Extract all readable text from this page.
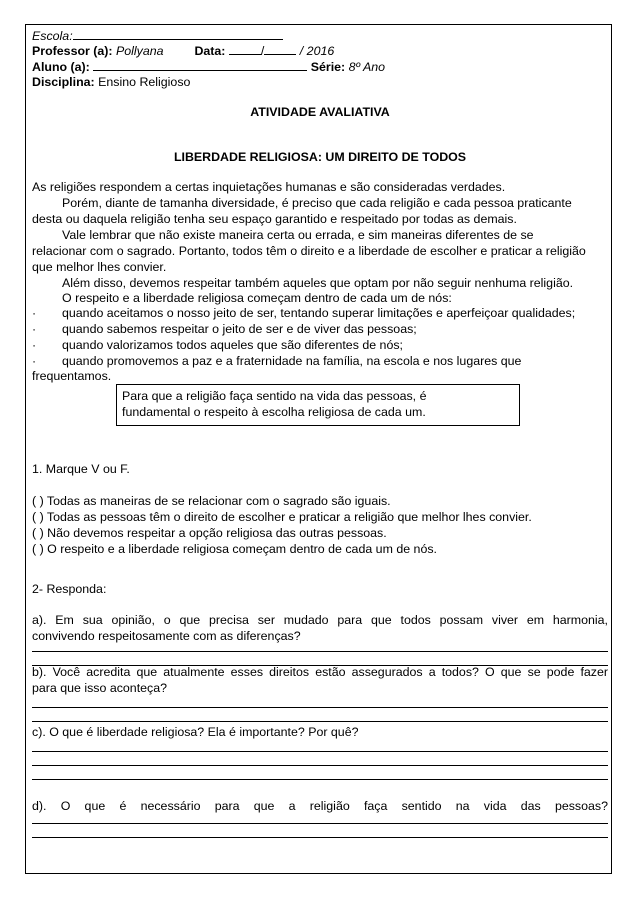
Escola:
Professor (a): Pollyana Data:	/	/ 2016
Aluno (a):	Série: 8º Ano
Disciplina: Ensino Religioso
ATIVIDADE AVALIATIVA
LIBERDADE RELIGIOSA: UM DIREITO DE TODOS
As religiões respondem a certas inquietações humanas e são consideradas verdades.
Porém, diante de tamanha diversidade, é preciso que cada religião e cada pessoa praticante
desta ou daquela religião tenha seu espaço garantido e respeitado por todas as demais.
Vale lembrar que não existe maneira certa ou errada, e sim maneiras diferentes de se
relacionar com o sagrado. Portanto, todos têm o direito e a liberdade de escolher e praticar a religião
que melhor lhes convier.
Além disso, devemos respeitar também aqueles que optam por não seguir nenhuma religião.
O respeito e a liberdade religiosa começam dentro de cada um de nós:
· quando aceitamos o nosso jeito de ser, tentando superar limitações e aperfeiçoar qualidades;
· quando sabemos respeitar o jeito de ser e de viver das pessoas;
· quando valorizamos todos aqueles que são diferentes de nós;
· quando promovemos a paz e a fraternidade na família, na escola e nos lugares que
frequentamos.
Para que a religião faça sentido na vida das pessoas, é
fundamental o respeito à escolha religiosa de cada um.
1. Marque V ou F.
( ) Todas as maneiras de se relacionar com o sagrado são iguais.
( ) Todas as pessoas têm o direito de escolher e praticar a religião que melhor lhes convier.
( ) Não devemos respeitar a opção religiosa das outras pessoas.
( ) O respeito e a liberdade religiosa começam dentro de cada um de nós.
2- Responda:
a). Em sua opinião, o que precisa ser mudado para que todos possam viver em harmonia,
convivendo respeitosamente com as diferenças?
b). Você acredita que atualmente esses direitos estão assegurados a todos? O que se pode fazer
para que isso aconteça?
c). O que é liberdade religiosa? Ela é importante? Por quê?
d). O que é necessário para que a religião faça sentido na vida das pessoas?
